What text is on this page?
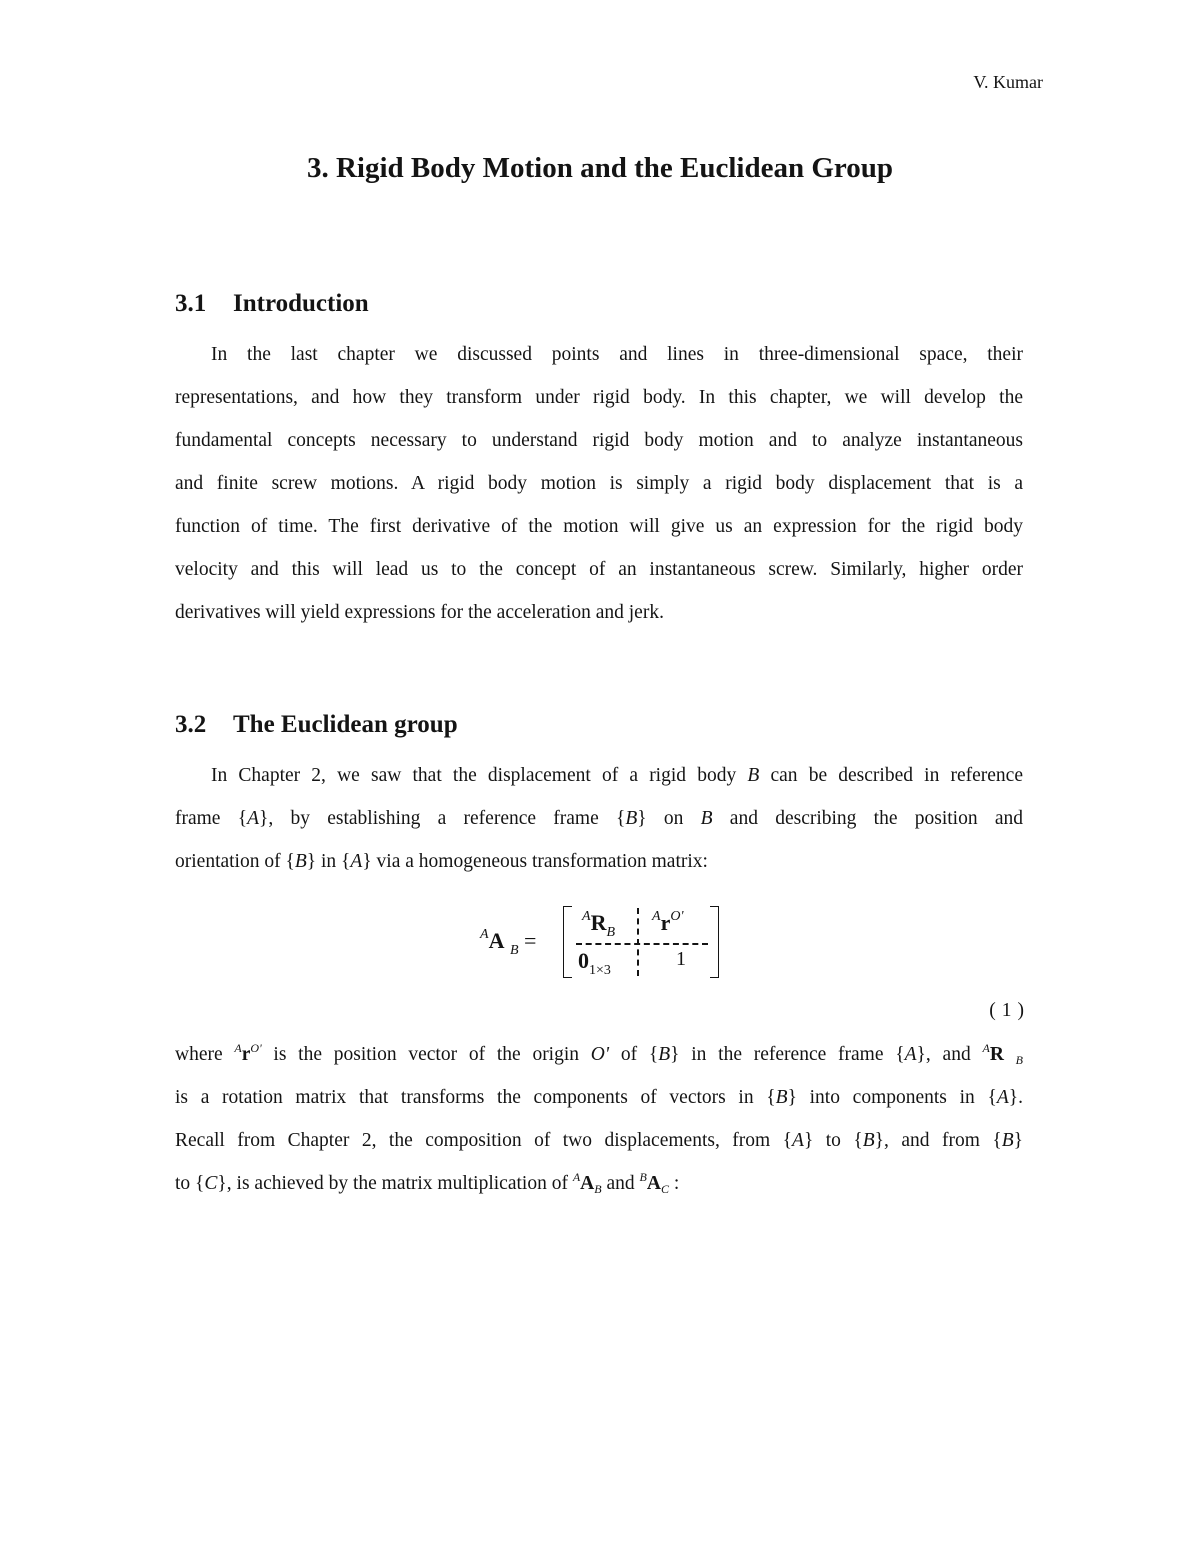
V. Kumar
3. Rigid Body Motion and the Euclidean Group
3.1 Introduction
In the last chapter we discussed points and lines in three-dimensional space, their
representations, and how they transform under rigid body. In this chapter, we will develop the
fundamental concepts necessary to understand rigid body motion and to analyze instantaneous
and finite screw motions. A rigid body motion is simply a rigid body displacement that is a
function of time. The first derivative of the motion will give us an expression for the rigid body
velocity and this will lead us to the concept of an instantaneous screw. Similarly, higher order
derivatives will yield expressions for the acceleration and jerk.
3.2 The Euclidean group
In Chapter 2, we saw that the displacement of a rigid body B can be described in reference
frame {A}, by establishing a reference frame {B} on B and describing the position and
orientation of {B} in {A} via a homogeneous transformation matrix:
$^A$A $_B$ =
$^AR_B$
$^Ar^{O'}$
$0_{1\times 3}$
1
( 1 )
where $^Ar^{O'}$ is the position vector of the origin O' of {B} in the reference frame {A}, and $^A$R $_B$
is a rotation matrix that transforms the components of vectors in {B} into components in {A}.
Recall from Chapter 2, the composition of two displacements, from {A} to {B}, and from {B}
to {C}, is achieved by the matrix multiplication of $^AA_B$ and $^BA_C$ :
